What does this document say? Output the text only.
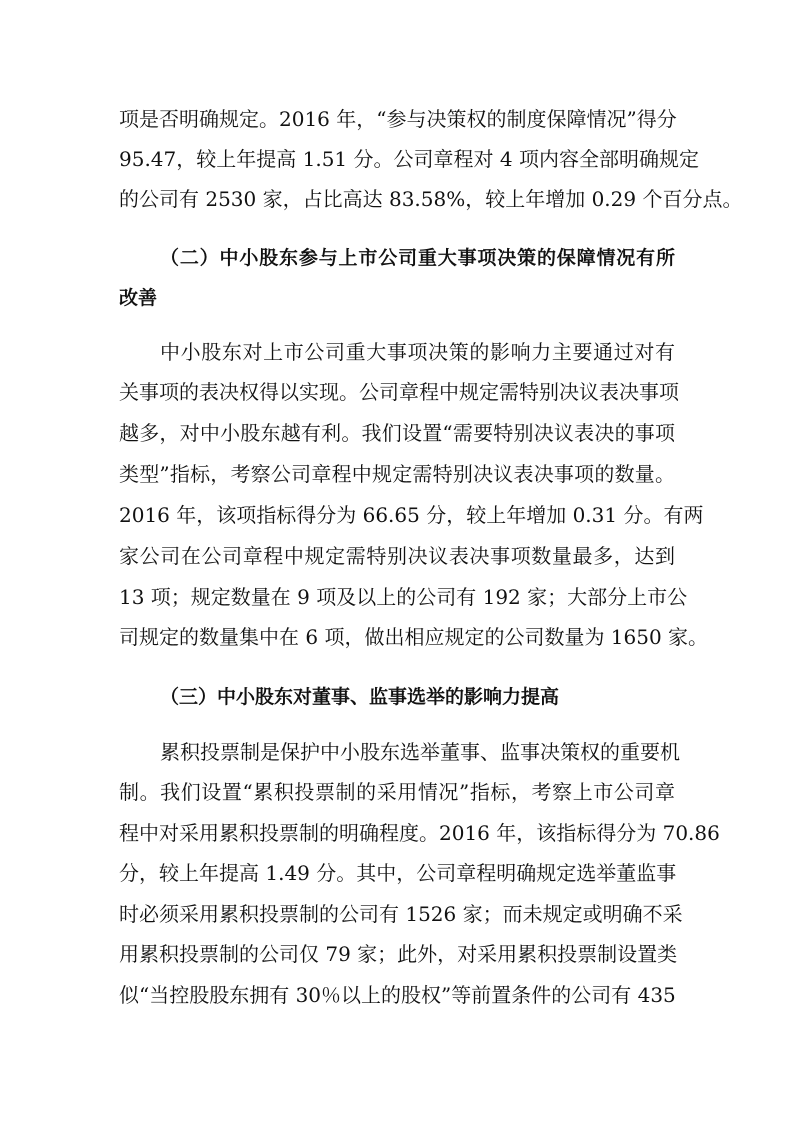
项是否明确规定。2016 年，“参与决策权的制度保障情况”得分
95.47，较上年提高 1.51 分。公司章程对 4 项内容全部明确规定
的公司有 2530 家，占比高达 83.58%，较上年增加 0.29 个百分点。
（二）中小股东参与上市公司重大事项决策的保障情况有所
改善
中小股东对上市公司重大事项决策的影响力主要通过对有
关事项的表决权得以实现。公司章程中规定需特别决议表决事项
越多，对中小股东越有利。我们设置“需要特别决议表决的事项
类型”指标，考察公司章程中规定需特别决议表决事项的数量。
2016 年，该项指标得分为 66.65 分，较上年增加 0.31 分。有两
家公司在公司章程中规定需特别决议表决事项数量最多，达到
13 项；规定数量在 9 项及以上的公司有 192 家；大部分上市公
司规定的数量集中在 6 项，做出相应规定的公司数量为 1650 家。
（三）中小股东对董事、监事选举的影响力提高
累积投票制是保护中小股东选举董事、监事决策权的重要机
制。我们设置“累积投票制的采用情况”指标，考察上市公司章
程中对采用累积投票制的明确程度。2016 年，该指标得分为 70.86
分，较上年提高 1.49 分。其中，公司章程明确规定选举董监事
时必须采用累积投票制的公司有 1526 家；而未规定或明确不采
用累积投票制的公司仅 79 家；此外，对采用累积投票制设置类
似“当控股股东拥有 30％以上的股权”等前置条件的公司有 435
